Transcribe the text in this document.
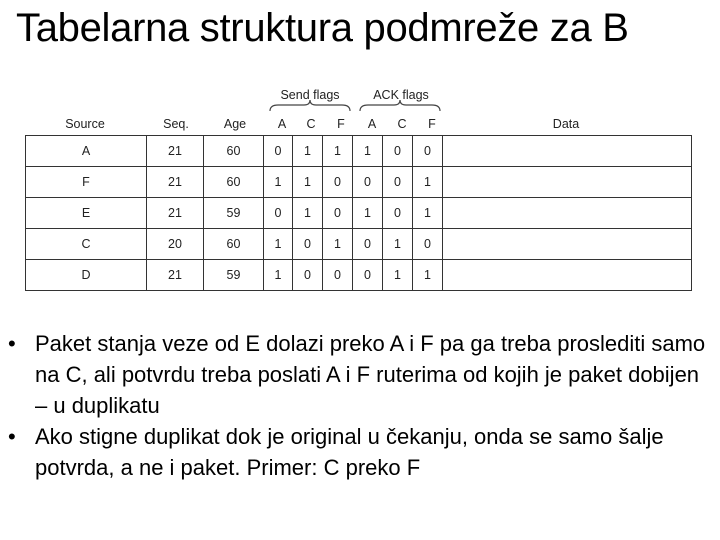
Tabelarna struktura podmreže za B
Send flags	ACK flags
Source	Seq.	Age	A C F A C F	Data
A	21	60	0	1	1	1	0	0	
F	21	60	1	1	0	0	0	1	
E	21	59	0	1	0	1	0	1	
C	20	60	1	0	1	0	1	0	
D	21	59	1	0	0	0	1	1	
• Paket stanja veze od E dolazi preko A i F pa ga treba proslediti samo na C, ali potvrdu treba poslati A i F ruterima od kojih je paket dobijen – u duplikatu
• Ako stigne duplikat dok je original u čekanju, onda se samo šalje potvrda, a ne i paket. Primer: C preko F
